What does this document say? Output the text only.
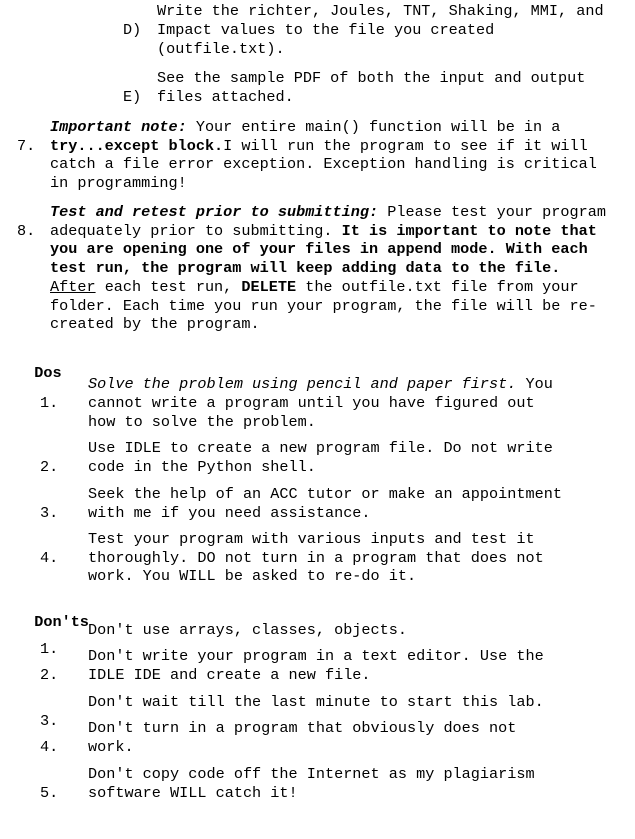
D)

Write the richter, Joules, TNT, Shaking, MMI, and

Impact values to the file you created

(outfile.txt).

E)

See the sample PDF of both the input and output

files attached.

7.

Important note: Your entire main() function will be in a

try...except block.I will run the program to see if it will

catch a file error exception. Exception handling is critical

in programming!

8.

Test and retest prior to submitting: Please test your program

adequately prior to submitting. It is important to note that

you are opening one of your files in append mode. With each

test run, the program will keep adding data to the file.

After each test run, DELETE the outfile.txt file from your

folder. Each time you run your program, the file will be re-

created by the program.

Dos

1.

Solve the problem using pencil and paper first. You

cannot write a program until you have figured out

how to solve the problem.

2.

Use IDLE to create a new program file. Do not write

code in the Python shell.

3.

Seek the help of an ACC tutor or make an appointment

with me if you need assistance.

4.

Test your program with various inputs and test it

thoroughly. DO not turn in a program that does not

work. You WILL be asked to re-do it.

Don'ts

1.

Don't use arrays, classes, objects.

2.

Don't write your program in a text editor. Use the

IDLE IDE and create a new file.

3.

Don't wait till the last minute to start this lab.

4.

Don't turn in a program that obviously does not

work.

5.

Don't copy code off the Internet as my plagiarism

software WILL catch it!
